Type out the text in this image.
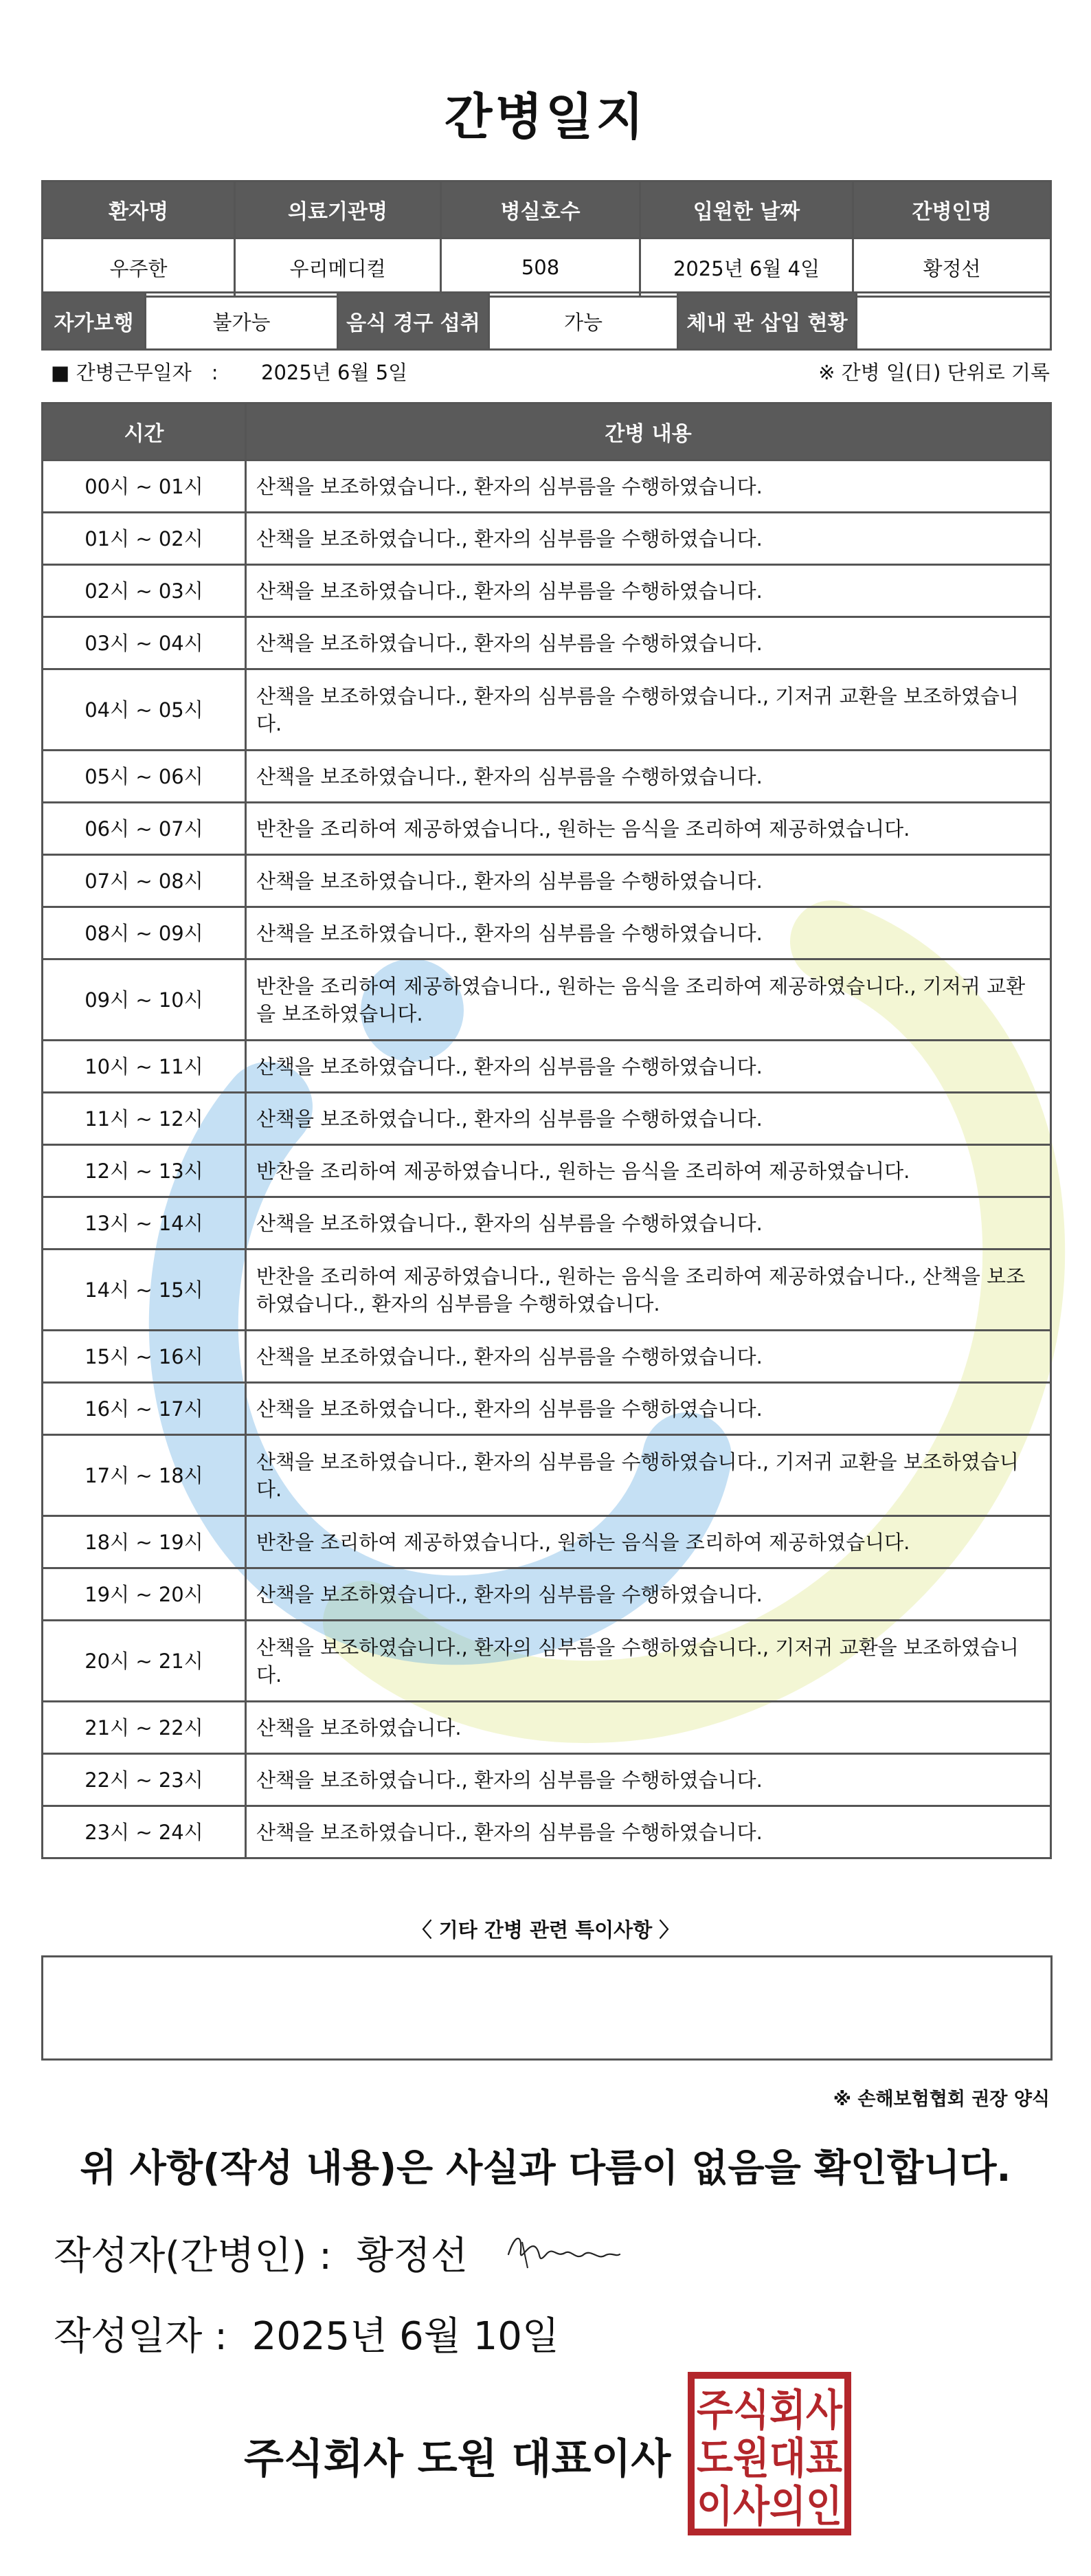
간병일지
환자명	의료기관명	병실호수	입원한 날짜	간병인명
우주한	우리메디컬	508	2025년 6월 4일	황정선
자가보행	불가능	음식 경구 섭취	가능	체내 관 삽입 현황	
■ 간병근무일자　: 2025년 6월 5일	※ 간병 일(日) 단위로 기록
시간	간병 내용
00시 ~ 01시	산책을 보조하였습니다., 환자의 심부름을 수행하였습니다.
01시 ~ 02시	산책을 보조하였습니다., 환자의 심부름을 수행하였습니다.
02시 ~ 03시	산책을 보조하였습니다., 환자의 심부름을 수행하였습니다.
03시 ~ 04시	산책을 보조하였습니다., 환자의 심부름을 수행하였습니다.
04시 ~ 05시	산책을 보조하였습니다., 환자의 심부름을 수행하였습니다., 기저귀 교환을 보조하였습니다.
05시 ~ 06시	산책을 보조하였습니다., 환자의 심부름을 수행하였습니다.
06시 ~ 07시	반찬을 조리하여 제공하였습니다., 원하는 음식을 조리하여 제공하였습니다.
07시 ~ 08시	산책을 보조하였습니다., 환자의 심부름을 수행하였습니다.
08시 ~ 09시	산책을 보조하였습니다., 환자의 심부름을 수행하였습니다.
09시 ~ 10시	반찬을 조리하여 제공하였습니다., 원하는 음식을 조리하여 제공하였습니다., 기저귀 교환을 보조하였습니다.
10시 ~ 11시	산책을 보조하였습니다., 환자의 심부름을 수행하였습니다.
11시 ~ 12시	산책을 보조하였습니다., 환자의 심부름을 수행하였습니다.
12시 ~ 13시	반찬을 조리하여 제공하였습니다., 원하는 음식을 조리하여 제공하였습니다.
13시 ~ 14시	산책을 보조하였습니다., 환자의 심부름을 수행하였습니다.
14시 ~ 15시	반찬을 조리하여 제공하였습니다., 원하는 음식을 조리하여 제공하였습니다., 산책을 보조하였습니다., 환자의 심부름을 수행하였습니다.
15시 ~ 16시	산책을 보조하였습니다., 환자의 심부름을 수행하였습니다.
16시 ~ 17시	산책을 보조하였습니다., 환자의 심부름을 수행하였습니다.
17시 ~ 18시	산책을 보조하였습니다., 환자의 심부름을 수행하였습니다., 기저귀 교환을 보조하였습니다.
18시 ~ 19시	반찬을 조리하여 제공하였습니다., 원하는 음식을 조리하여 제공하였습니다.
19시 ~ 20시	산책을 보조하였습니다., 환자의 심부름을 수행하였습니다.
20시 ~ 21시	산책을 보조하였습니다., 환자의 심부름을 수행하였습니다., 기저귀 교환을 보조하였습니다.
21시 ~ 22시	산책을 보조하였습니다.
22시 ~ 23시	산책을 보조하였습니다., 환자의 심부름을 수행하였습니다.
23시 ~ 24시	산책을 보조하였습니다., 환자의 심부름을 수행하였습니다.
〈 기타 간병 관련 특이사항 〉
※ 손해보험협회 권장 양식
위 사항(작성 내용)은 사실과 다름이 없음을 확인합니다.
작성자(간병인) : 황정선
작성일자 : 2025년 6월 10일
주식회사 도원 대표이사
주식회사
도원대표
이사의인
